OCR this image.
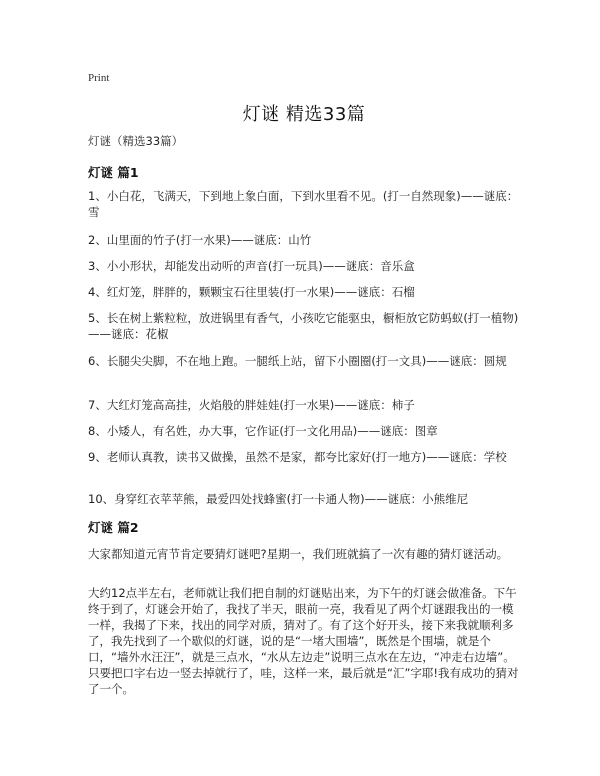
Print
灯谜 精选33篇
灯谜（精选33篇）
灯谜 篇1
1、小白花，飞满天，下到地上象白面，下到水里看不见。(打一自然现象)——谜底：雪
2、山里面的竹子(打一水果)——谜底：山竹
3、小小形状，却能发出动听的声音(打一玩具)——谜底：音乐盒
4、红灯笼，胖胖的，颗颗宝石往里装(打一水果)——谜底：石榴
5、长在树上紫粒粒，放进锅里有香气，小孩吃它能驱虫，橱柜放它防蚂蚁(打一植物)——谜底：花椒
6、长腿尖尖脚，不在地上跑。一腿纸上站，留下小圈圈(打一文具)——谜底：圆规
7、大红灯笼高高挂，火焰般的胖娃娃(打一水果)——谜底：柿子
8、小矮人，有名姓，办大事，它作证(打一文化用品)——谜底：图章
9、老师认真教，读书又做操，虽然不是家，都夸比家好(打一地方)——谜底：学校
10、身穿红衣苹苹熊，最爱四处找蜂蜜(打一卡通人物)——谜底：小熊维尼
灯谜 篇2
大家都知道元宵节肯定要猜灯谜吧?星期一，我们班就搞了一次有趣的猜灯谜活动。
大约12点半左右，老师就让我们把自制的灯谜贴出来，为下午的灯谜会做准备。下午终于到了，灯谜会开始了，我找了半天，眼前一亮，我看见了两个灯谜跟我出的一模一样，我揭了下来，找出的同学对质，猜对了。有了这个好开头，接下来我就顺利多了，我先找到了一个歇似的灯谜，说的是“一堵大围墙”，既然是个围墙，就是个口，“墙外水汪汪”，就是三点水，“水从左边走”说明三点水在左边，“冲走右边墙”。只要把口字右边一竖去掉就行了，哇，这样一来，最后就是“汇”字耶!我有成功的猜对了一个。
